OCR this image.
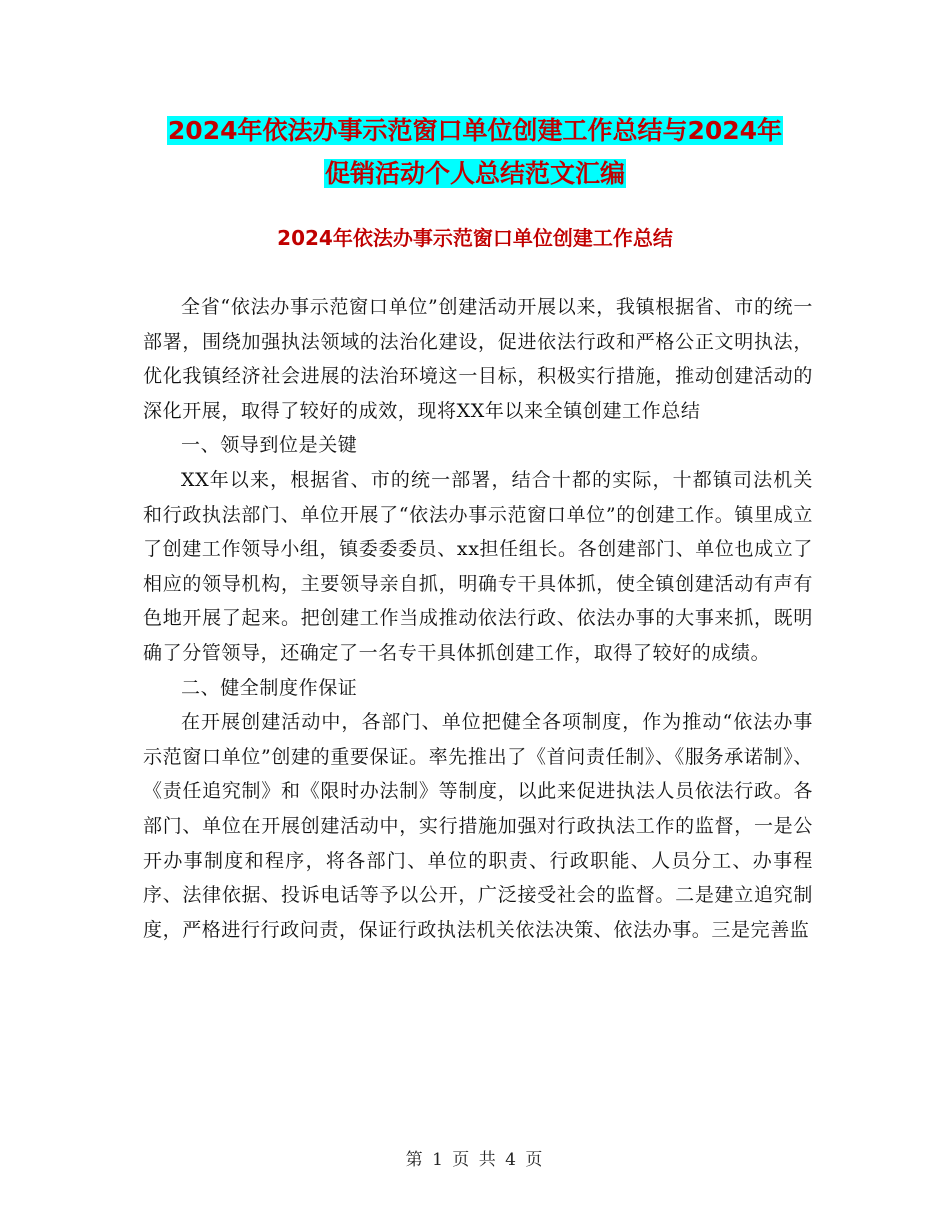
2024年依法办事示范窗口单位创建工作总结与2024年
促销活动个人总结范文汇编
2024年依法办事示范窗口单位创建工作总结

全省“依法办事示范窗口单位”创建活动开展以来，我镇根据省、市的统一部署，围绕加强执法领域的法治化建设，促进依法行政和严格公正文明执法，优化我镇经济社会进展的法治环境这一目标，积极实行措施，推动创建活动的深化开展，取得了较好的成效，现将XX年以来全镇创建工作总结

一、领导到位是关键

XX年以来，根据省、市的统一部署，结合十都的实际，十都镇司法机关和行政执法部门、单位开展了“依法办事示范窗口单位”的创建工作。镇里成立了创建工作领导小组，镇委委委员、xx担任组长。各创建部门、单位也成立了相应的领导机构，主要领导亲自抓，明确专干具体抓，使全镇创建活动有声有色地开展了起来。把创建工作当成推动依法行政、依法办事的大事来抓，既明确了分管领导，还确定了一名专干具体抓创建工作，取得了较好的成绩。

二、健全制度作保证

在开展创建活动中，各部门、单位把健全各项制度，作为推动“依法办事示范窗口单位”创建的重要保证。率先推出了《首问责任制》、《服务承诺制》、《责任追究制》和《限时办法制》等制度，以此来促进执法人员依法行政。各部门、单位在开展创建活动中，实行措施加强对行政执法工作的监督，一是公开办事制度和程序，将各部门、单位的职责、行政职能、人员分工、办事程序、法律依据、投诉电话等予以公开，广泛接受社会的监督。二是建立追究制度，严格进行行政问责，保证行政执法机关依法决策、依法办事。三是完善监

第 1 页 共 4 页
